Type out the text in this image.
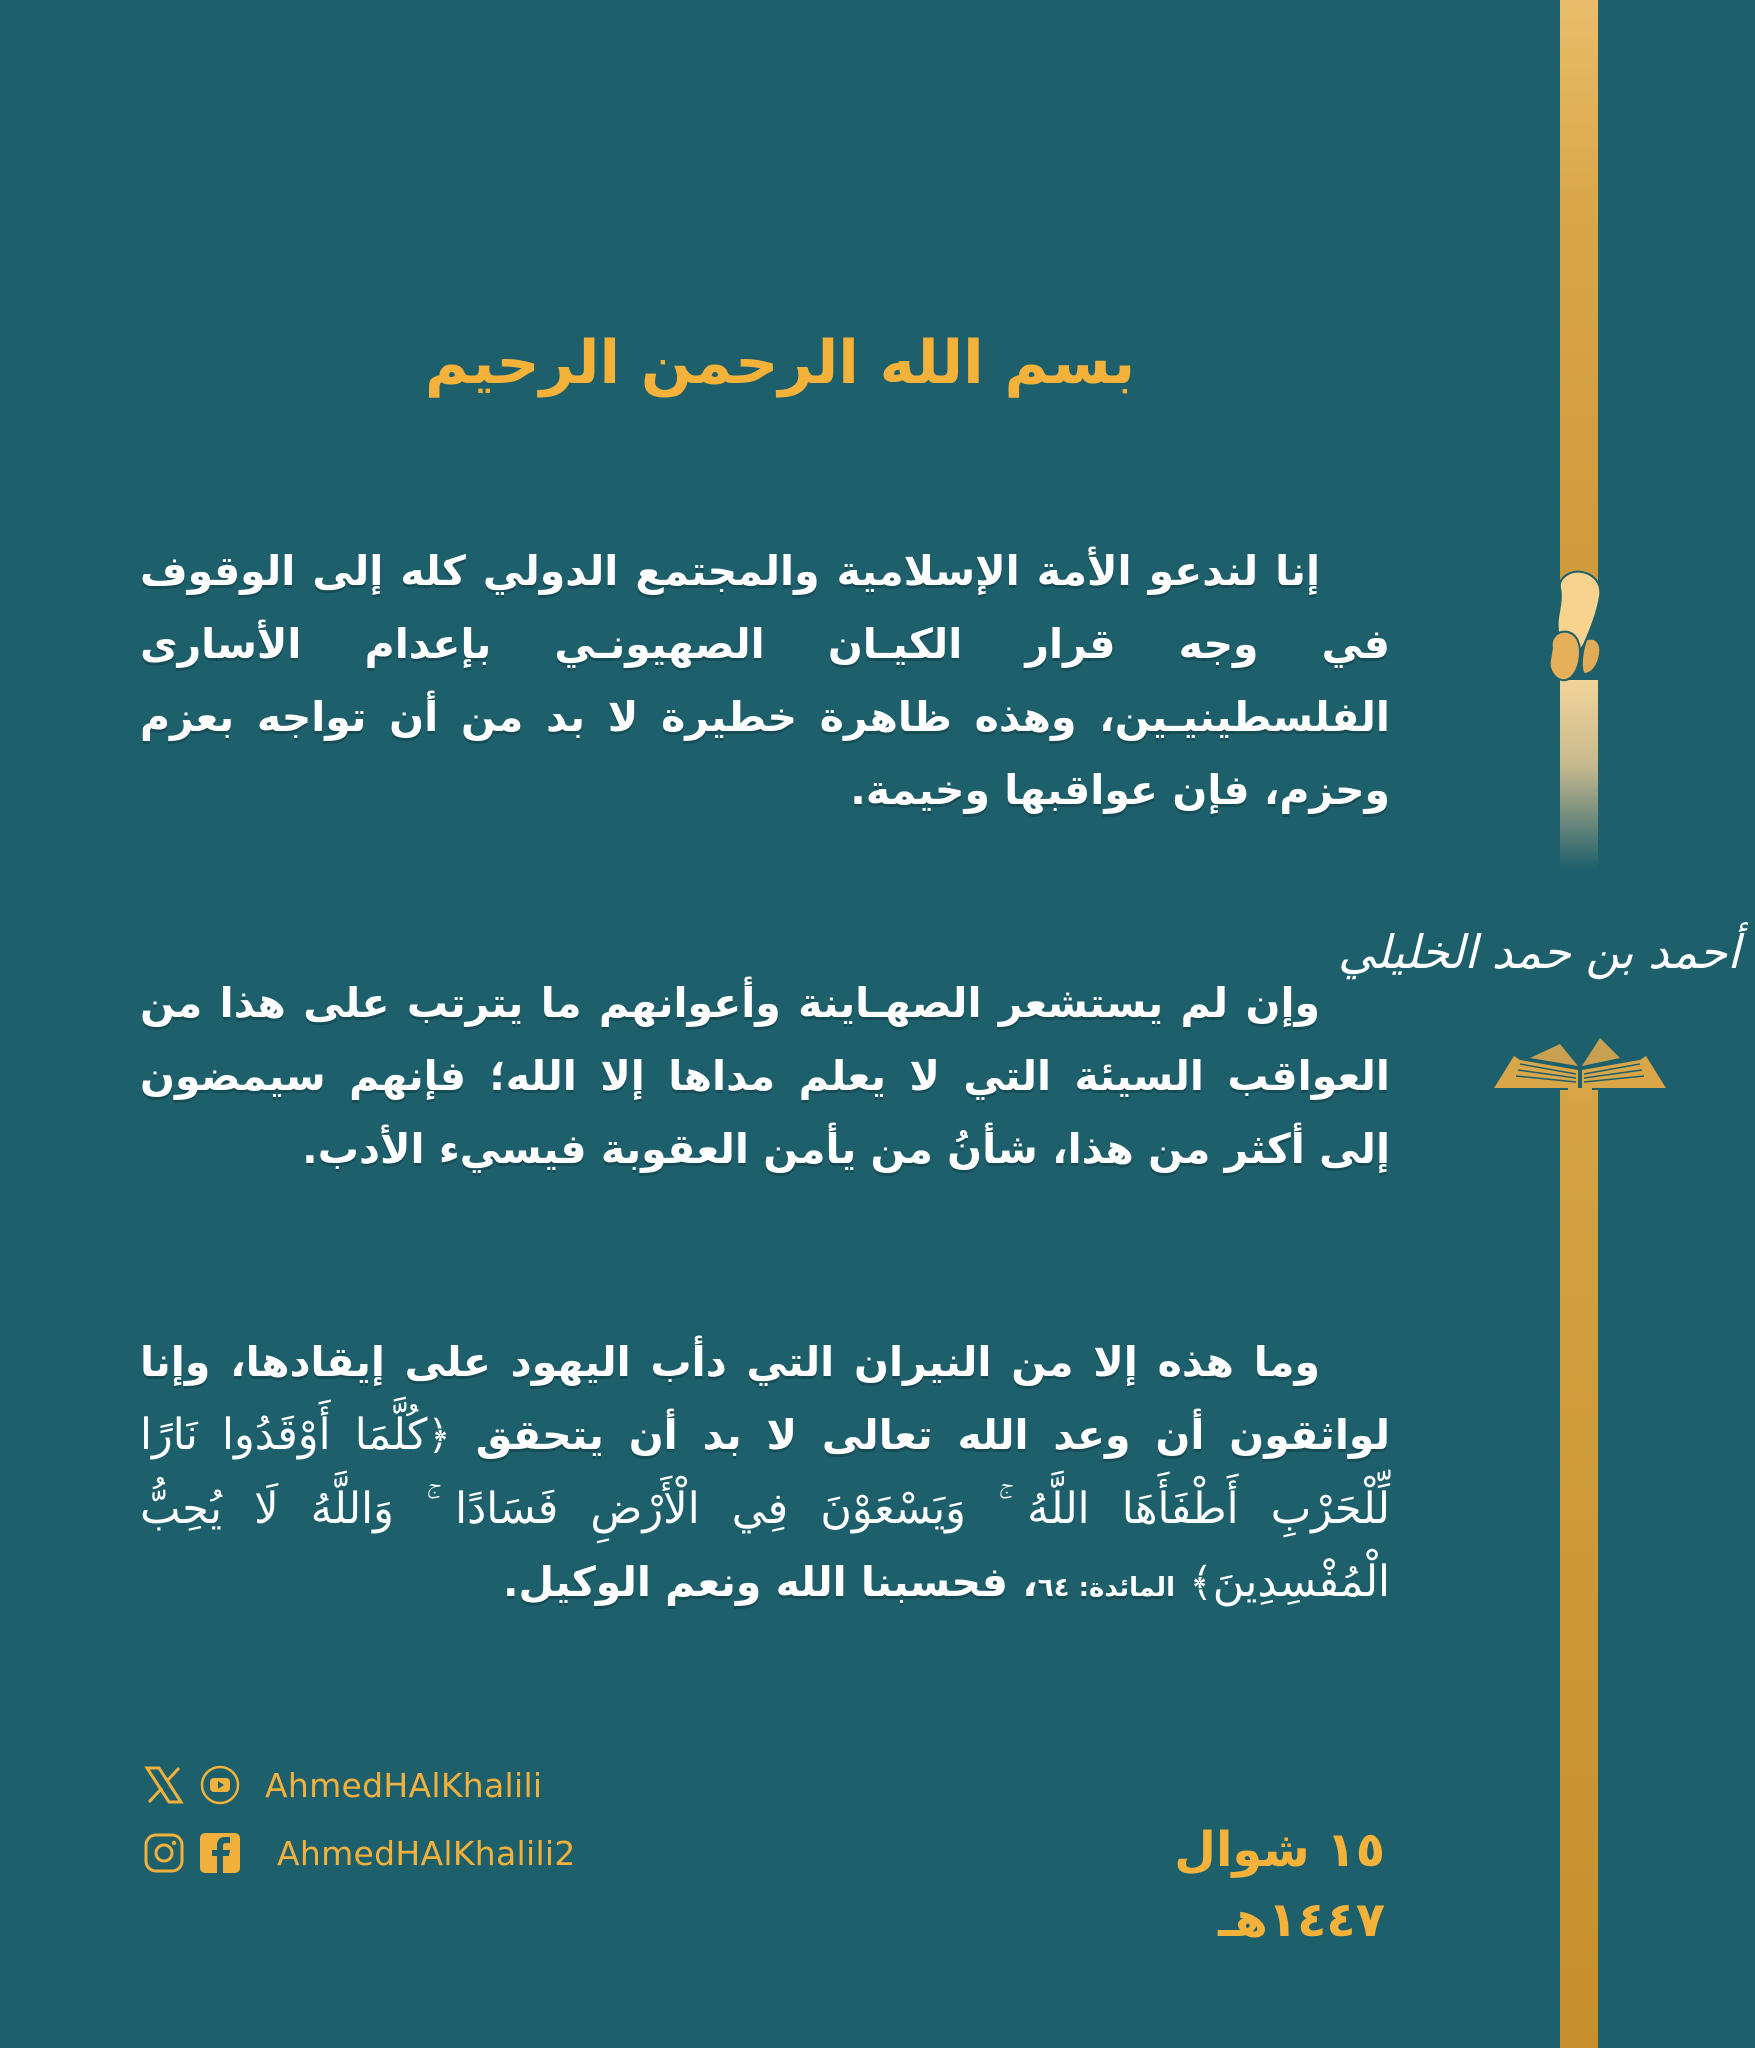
أحمد بن حمد الخليلي
بسم الله الرحمن الرحيم

إنا لندعو الأمة الإسلامية والمجتمع الدولي كله إلى الوقوف في وجه قرار الكيـان الصهيونـي بإعدام الأسارى الفلسطينيـين، وهذه ظاهرة خطيرة لا بد من أن تواجه بعزم وحزم، فإن عواقبها وخيمة.

وإن لم يستشعر الصهـاينة وأعوانهم ما يترتب على هذا من العواقب السيئة التي لا يعلم مداها إلا الله؛ فإنهم سيمضون إلى أكثر من هذا، شأنُ من يأمن العقوبة فيسيء الأدب.

وما هذه إلا من النيران التي دأب اليهود على إيقادها، وإنا لواثقون أن وعد الله تعالى لا بد أن يتحقق ﴿كُلَّمَا أَوْقَدُوا نَارًا لِّلْحَرْبِ أَطْفَأَهَا اللَّهُ ۚ وَيَسْعَوْنَ فِي الْأَرْضِ فَسَادًا ۚ وَاللَّهُ لَا يُحِبُّ الْمُفْسِدِينَ﴾ المائدة: ٦٤، فحسبنا الله ونعم الوكيل.

AhmedHAlKhalili
AhmedHAlKhalili2	١٥ شوال ١٤٤٧هـ
